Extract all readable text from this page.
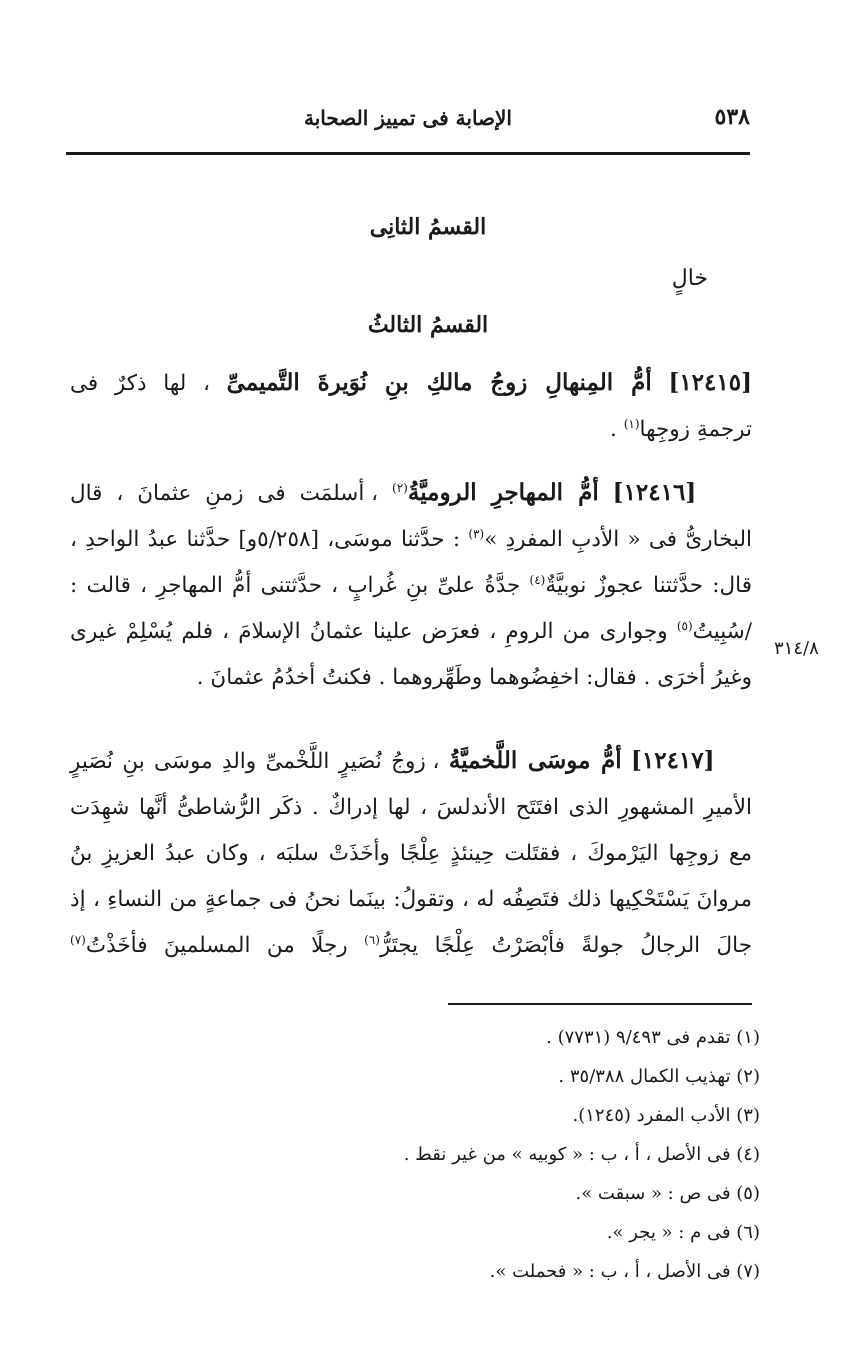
٥٣٨
الإصابة فى تمييز الصحابة
القسمُ الثانِى
خالٍ
القسمُ الثالثُ
[١٢٤١٥] أمُّ المِنهالِ زوجُ مالكِ بنِ نُوَيرةَ التَّميمىِّ ، لها ذكرٌ فى
ترجمةِ زوجِها$^{(١)}$ .
[١٢٤١٦] أمُّ المهاجرِ الروميَّةُ$^{(٢)}$ ، أسلمَت فى زمنِ عثمانَ ، قال
البخارىُّ فى « الأدبِ المفردِ »$^{(٣)}$ : حدَّثنا موسَى، [٥/٢٥٨و] حدَّثنا عبدُ الواحدِ ،
قال: حدَّثتنا عجوزٌ نوبيَّةٌ$^{(٤)}$ جدَّةُ علىِّ بنِ غُرابٍ ، حدَّثتنى أمُّ المهاجرِ ، قالت :
/سُبِيتُ$^{(٥)}$ وجوارى من الرومِ ، فعرَض علينا عثمانُ الإسلامَ ، فلم يُسْلِمْ غيرى
وغيرُ أخرَى . فقال: اخفِضُوهما وطَهِّروهما . فكنتُ أخدُمُ عثمانَ .
٣١٤/٨
[١٢٤١٧] أمُّ موسَى اللَّخميَّةُ ، زوجُ نُصَيرٍ اللَّخْمىِّ والدِ موسَى بنِ نُصَيرٍ
الأميرِ المشهورِ الذى افتَتَح الأندلسَ ، لها إدراكٌ . ذكَر الرُّشاطىُّ أنَّها شهِدَت
مع زوجِها اليَرْموكَ ، فقتَلت حِينئذٍ عِلْجًا وأخَذَتْ سلبَه ، وكان عبدُ العزيزِ بنُ
مروانَ يَسْتَحْكِيها ذلك فتَصِفُه له ، وتقولُ: بينَما نحنُ فى جماعةٍ من النساءِ ، إذ
جالَ الرجالُ جولةً فأبْصَرْتُ عِلْجًا يجتَرُّ$^{(٦)}$ رجلًا من المسلمينَ فأخَذْتُ$^{(٧)}$
(١) تقدم فى ٩/٤٩٣ (٧٧٣١) .
(٢) تهذيب الكمال ٣٥/٣٨٨ .
(٣) الأدب المفرد (١٢٤٥).
(٤) فى الأصل ، أ ، ب : « كوبيه » من غير نقط .
(٥) فى ص : « سبقت ».
(٦) فى م : « يجر ».
(٧) فى الأصل ، أ ، ب : « فحملت ».
